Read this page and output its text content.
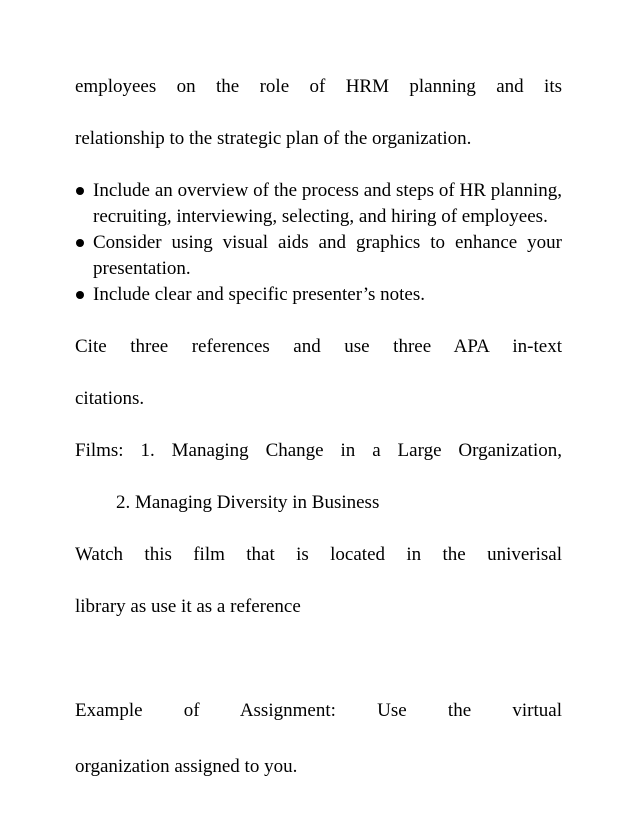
employees on the role of HRM planning and its
relationship to the strategic plan of the organization.

Include an overview of the process and steps of HR planning, recruiting, interviewing, selecting, and hiring of employees.
Consider using visual aids and graphics to enhance your presentation.
Include clear and specific presenter’s notes.

Cite three references and use three APA in-text
citations.

Films: 1. Managing Change in a Large Organization,
2. Managing Diversity in Business

Watch this film that is located in the univerisal
library as use it as a reference

Example of Assignment: Use the virtual
organization assigned to you.
